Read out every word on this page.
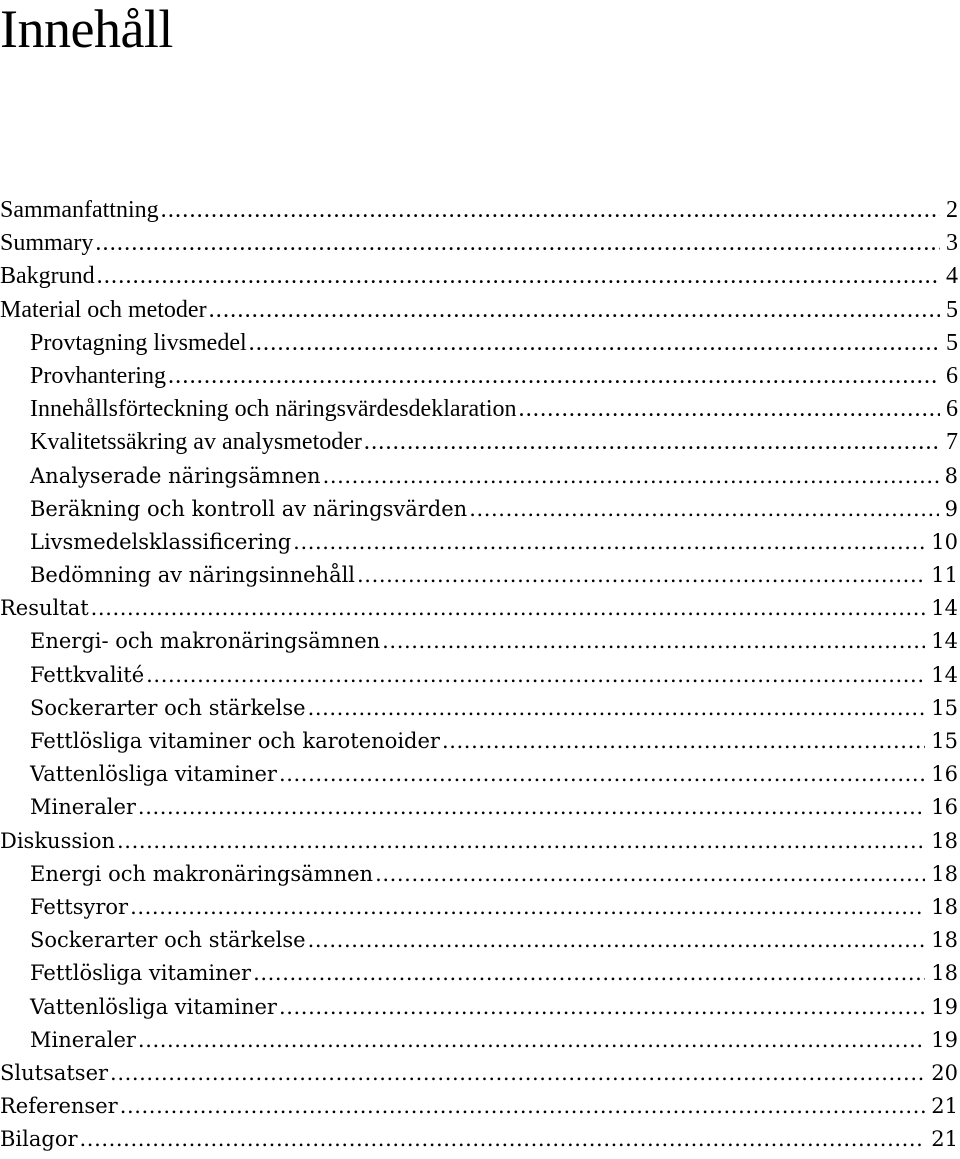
Innehåll
Sammanfattning .....	2
Summary .....	3
Bakgrund .....	4
Material och metoder .....	5
Provtagning livsmedel .....	5
Provhantering .....	6
Innehållsförteckning och näringsvärdesdeklaration .....	6
Kvalitetssäkring av analysmetoder .....	7
Analyserade näringsämnen .....	8
Beräkning och kontroll av näringsvärden .....	9
Livsmedelsklassificering .....	10
Bedömning av näringsinnehåll .....	11
Resultat .....	14
Energi- och makronäringsämnen .....	14
Fettkvalité .....	14
Sockerarter och stärkelse .....	15
Fettlösliga vitaminer och karotenoider .....	15
Vattenlösliga vitaminer .....	16
Mineraler .....	16
Diskussion .....	18
Energi och makronäringsämnen .....	18
Fettsyror .....	18
Sockerarter och stärkelse .....	18
Fettlösliga vitaminer .....	18
Vattenlösliga vitaminer .....	19
Mineraler .....	19
Slutsatser .....	20
Referenser .....	21
Bilagor .....	21
